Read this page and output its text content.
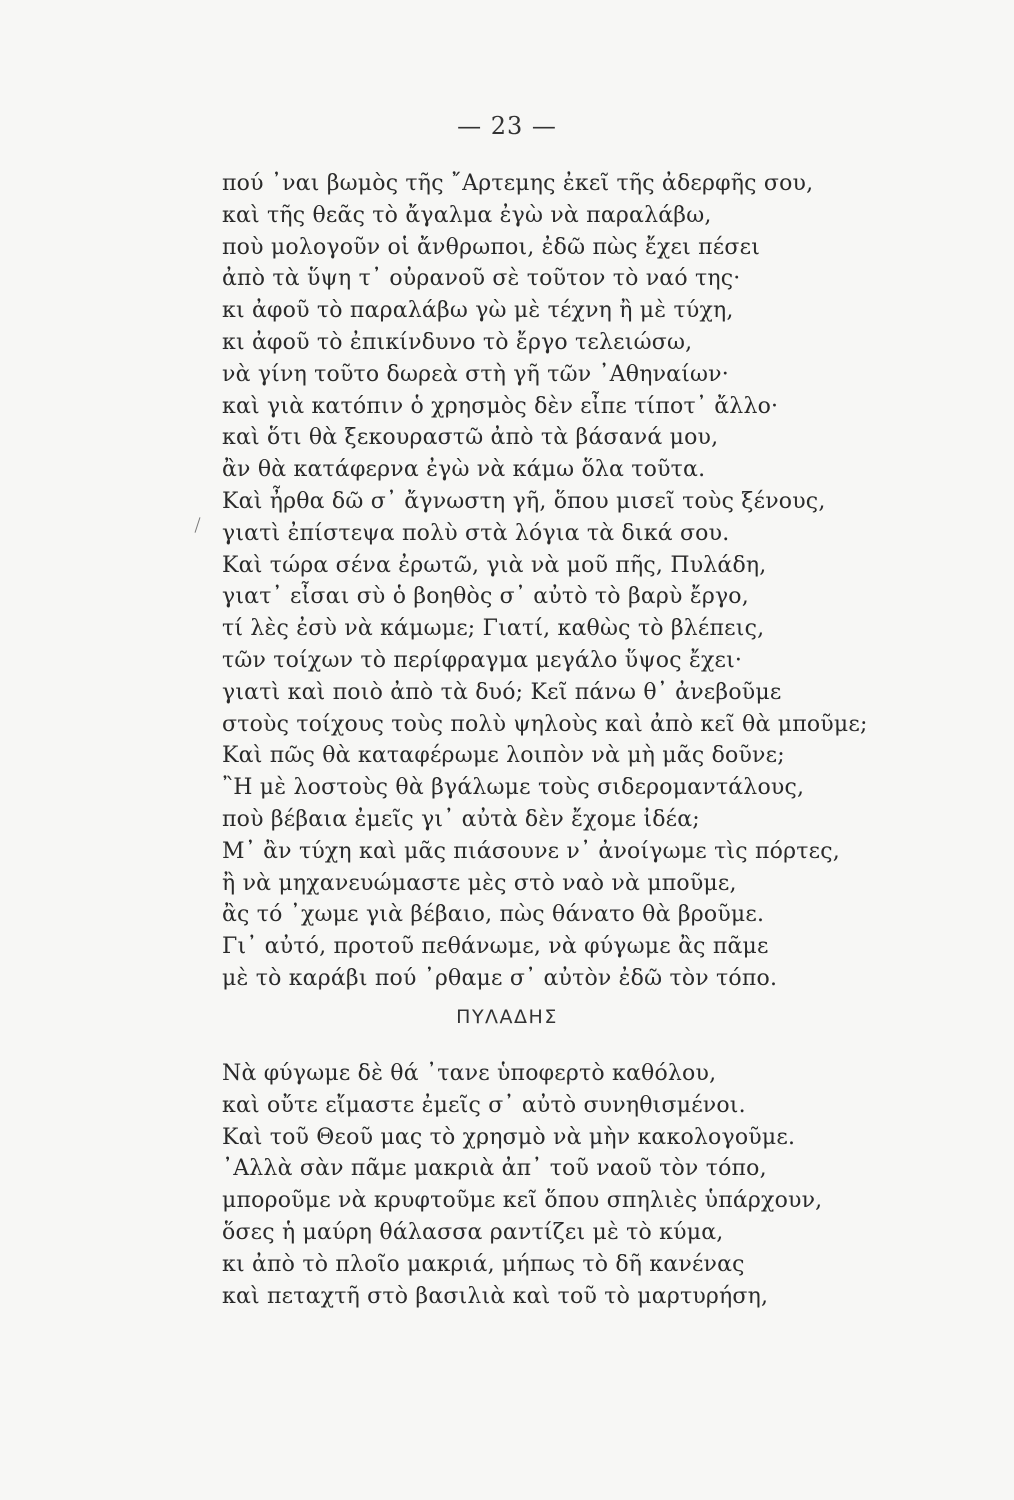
— 23 —
πού ᾽ναι βωμὸς τῆς ῎Αρτεμης ἐκεῖ τῆς ἀδερφῆς σου,
καὶ τῆς θεᾶς τὸ ἄγαλμα ἐγὼ νὰ παραλάβω,
ποὺ μολογοῦν οἱ ἄνθρωποι, ἐδῶ πὼς ἔχει πέσει
ἀπὸ τὰ ὕψη τ᾽ οὐρανοῦ σὲ τοῦτον τὸ ναό της·
κι ἀφοῦ τὸ παραλάβω γὼ μὲ τέχνη ἢ μὲ τύχη,
κι ἀφοῦ τὸ ἐπικίνδυνο τὸ ἔργο τελειώσω,
νὰ γίνη τοῦτο δωρεὰ στὴ γῆ τῶν ᾽Αθηναίων·
καὶ γιὰ κατόπιν ὁ χρησμὸς δὲν εἶπε τίποτ᾽ ἄλλο·
καὶ ὅτι θὰ ξεκουραστῶ ἀπὸ τὰ βάσανά μου,
ἂν θὰ κατάφερνα ἐγὼ νὰ κάμω ὅλα τοῦτα.
Καὶ ἦρθα δῶ σ᾽ ἄγνωστη γῆ, ὅπου μισεῖ τοὺς ξένους,
γιατὶ ἐπίστεψα πολὺ στὰ λόγια τὰ δικά σου.
Καὶ τώρα σένα ἐρωτῶ, γιὰ νὰ μοῦ πῆς, Πυλάδη,
γιατ᾽ εἶσαι σὺ ὁ βοηθὸς σ᾽ αὐτὸ τὸ βαρὺ ἔργο,
τί λὲς ἐσὺ νὰ κάμωμε; Γιατί, καθὼς τὸ βλέπεις,
τῶν τοίχων τὸ περίφραγμα μεγάλο ὕψος ἔχει·
γιατὶ καὶ ποιὸ ἀπὸ τὰ δυό; Κεῖ πάνω θ᾽ ἀνεβοῦμε
στοὺς τοίχους τοὺς πολὺ ψηλοὺς καὶ ἀπὸ κεῖ θὰ μποῦμε;
Καὶ πῶς θὰ καταφέρωμε λοιπὸν νὰ μὴ μᾶς δοῦνε;
῍Η μὲ λοστοὺς θὰ βγάλωμε τοὺς σιδερομαντάλους,
ποὺ βέβαια ἐμεῖς γι᾽ αὐτὰ δὲν ἔχομε ἰδέα;
Μ᾽ ἂν τύχη καὶ μᾶς πιάσουνε ν᾽ ἀνοίγωμε τὶς πόρτες,
ἢ νὰ μηχανευώμαστε μὲς στὸ ναὸ νὰ μποῦμε,
ἂς τό ᾽χωμε γιὰ βέβαιο, πὼς θάνατο θὰ βροῦμε.
Γι᾽ αὐτό, προτοῦ πεθάνωμε, νὰ φύγωμε ἂς πᾶμε
μὲ τὸ καράβι πού ᾽ρθαμε σ᾽ αὐτὸν ἐδῶ τὸν τόπο.
ΠΥΛΑΔΗΣ
Νὰ φύγωμε δὲ θά ᾽τανε ὑποφερτὸ καθόλου,
καὶ οὔτε εἴμαστε ἐμεῖς σ᾽ αὐτὸ συνηθισμένοι.
Καὶ τοῦ Θεοῦ μας τὸ χρησμὸ νὰ μὴν κακολογοῦμε.
᾽Αλλὰ σὰν πᾶμε μακριὰ ἀπ᾽ τοῦ ναοῦ τὸν τόπο,
μποροῦμε νὰ κρυφτοῦμε κεῖ ὅπου σπηλιὲς ὑπάρχουν,
ὅσες ἡ μαύρη θάλασσα ραντίζει μὲ τὸ κύμα,
κι ἀπὸ τὸ πλοῖο μακριά, μήπως τὸ δῆ κανένας
καὶ πεταχτῆ στὸ βασιλιὰ καὶ τοῦ τὸ μαρτυρήση,
